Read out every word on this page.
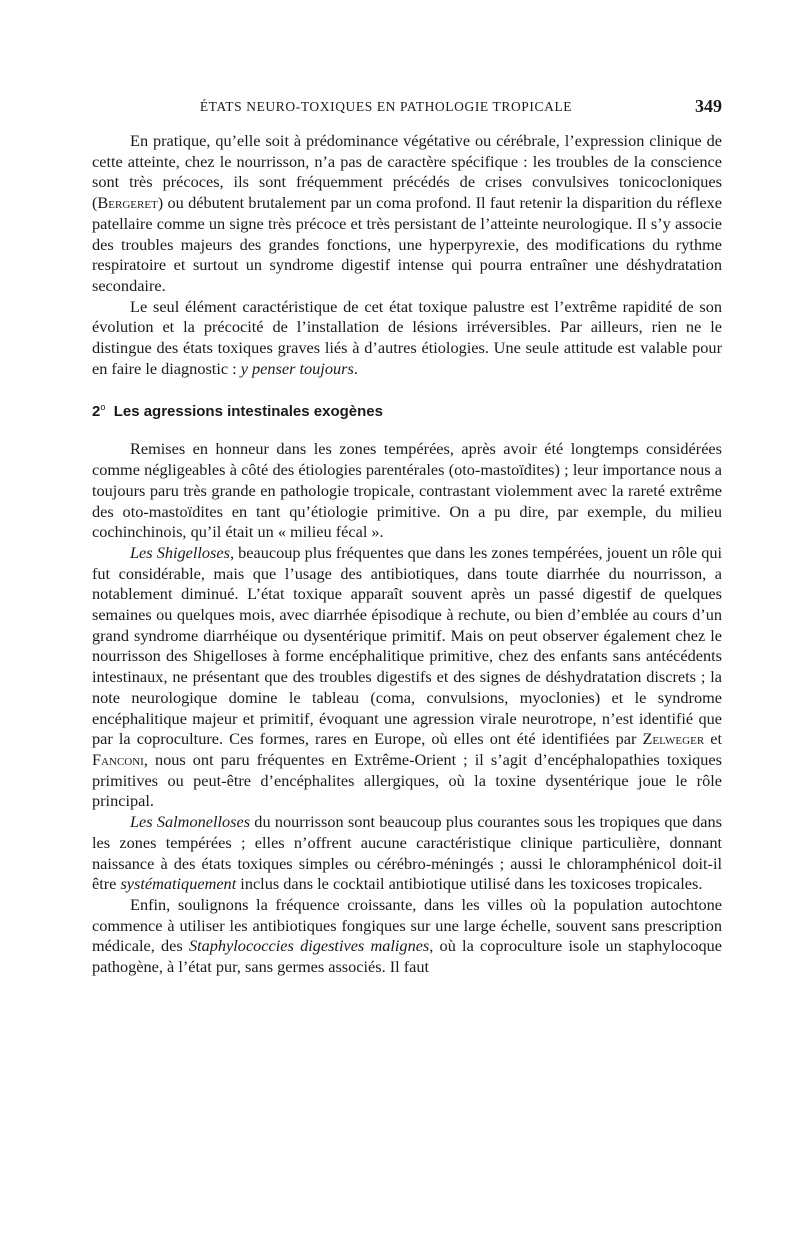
ÉTATS NEURO-TOXIQUES EN PATHOLOGIE TROPICALE	349

En pratique, qu’elle soit à prédominance végétative ou cérébrale, l’expression clinique de cette atteinte, chez le nourrisson, n’a pas de caractère spécifique : les troubles de la conscience sont très précoces, ils sont fréquemment précédés de crises convulsives tonicocloniques (Bergeret) ou débutent brutalement par un coma profond. Il faut retenir la disparition du réflexe patellaire comme un signe très précoce et très persistant de l’atteinte neurologique. Il s’y associe des troubles majeurs des grandes fonctions, une hyperpyrexie, des modifications du rythme respiratoire et surtout un syndrome digestif intense qui pourra entraîner une déshydratation secondaire.

Le seul élément caractéristique de cet état toxique palustre est l’extrême rapidité de son évolution et la précocité de l’installation de lésions irréversibles. Par ailleurs, rien ne le distingue des états toxiques graves liés à d’autres étiologies. Une seule attitude est valable pour en faire le diagnostic : y penser toujours.

2$^o$ Les agressions intestinales exogènes

Remises en honneur dans les zones tempérées, après avoir été longtemps considérées comme négligeables à côté des étiologies parentérales (oto-mastoïdites) ; leur importance nous a toujours paru très grande en pathologie tropicale, contrastant violemment avec la rareté extrême des oto-mastoïdites en tant qu’étiologie primitive. On a pu dire, par exemple, du milieu cochinchinois, qu’il était un « milieu fécal ».

Les Shigelloses, beaucoup plus fréquentes que dans les zones tempérées, jouent un rôle qui fut considérable, mais que l’usage des antibiotiques, dans toute diarrhée du nourrisson, a notablement diminué. L’état toxique apparaît souvent après un passé digestif de quelques semaines ou quelques mois, avec diarrhée épisodique à rechute, ou bien d’emblée au cours d’un grand syndrome diarrhéique ou dysentérique primitif. Mais on peut observer également chez le nourrisson des Shigelloses à forme encéphalitique primitive, chez des enfants sans antécédents intestinaux, ne présentant que des troubles digestifs et des signes de déshydratation discrets ; la note neurologique domine le tableau (coma, convulsions, myoclonies) et le syndrome encéphalitique majeur et primitif, évoquant une agression virale neurotrope, n’est identifié que par la coproculture. Ces formes, rares en Europe, où elles ont été identifiées par Zelweger et Fanconi, nous ont paru fréquentes en Extrême-Orient ; il s’agit d’encéphalopathies toxiques primitives ou peut-être d’encéphalites allergiques, où la toxine dysentérique joue le rôle principal.

Les Salmonelloses du nourrisson sont beaucoup plus courantes sous les tropiques que dans les zones tempérées ; elles n’offrent aucune caractéristique clinique particulière, donnant naissance à des états toxiques simples ou cérébro-méningés ; aussi le chloramphénicol doit-il être systématiquement inclus dans le cocktail antibiotique utilisé dans les toxicoses tropicales.

Enfin, soulignons la fréquence croissante, dans les villes où la population autochtone commence à utiliser les antibiotiques fongiques sur une large échelle, souvent sans prescription médicale, des Staphylococcies digestives malignes, où la coproculture isole un staphylocoque pathogène, à l’état pur, sans germes associés. Il faut
